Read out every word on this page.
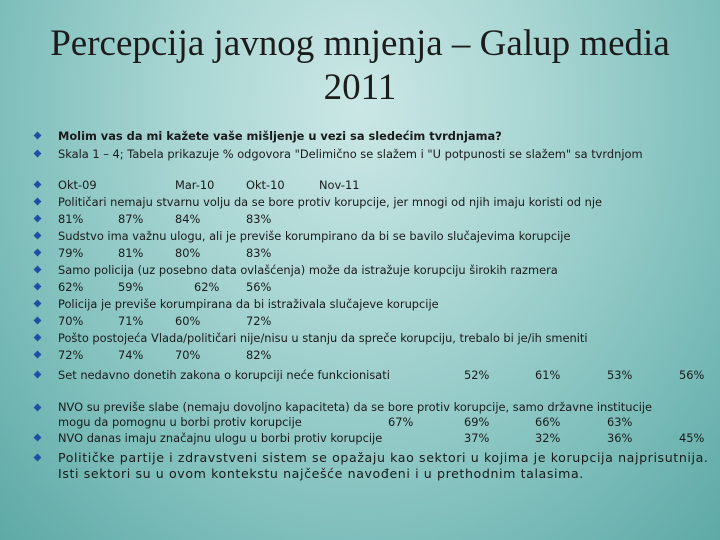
Percepcija javnog mnjenja – Galup media 2011
Molim vas da mi kažete vaše mišljenje u vezi sa sledećim tvrdnjama?
Skala 1 – 4; Tabela prikazuje % odgovora "Delimično se slažem i "U potpunosti se slažem" sa tvrdnjom
Okt-09	Mar-10	Okt-10	Nov-11
Političari nemaju stvarnu volju da se bore protiv korupcije, jer mnogi od njih imaju koristi od nje
81%	87%	84%	83%
Sudstvo ima važnu ulogu, ali je previše korumpirano da bi se bavilo slučajevima korupcije
79%	81%	80%	83%
Samo policija (uz posebno data ovlašćenja) može da istražuje korupciju širokih razmera
62%	59%	62% 56%
Policija je previše korumpirana da bi istraživala slučajeve korupcije
70%	71%	60%	72%
Pošto postojeća Vlada/političari nije/nisu u stanju da spreče korupciju, trebalo bi je/ih smeniti
72%	74%	70%	82%
Set nedavno donetih zakona o korupciji neće funkcionisati	52%	61%	53%	56%
NVO su previše slabe (nemaju dovoljno kapaciteta) da se bore protiv korupcije, samo državne institucije
mogu da pomognu u borbi protiv korupcije	67%	69%	66%	63%
NVO danas imaju značajnu ulogu u borbi protiv korupcije	37%	32%	36%	45%
Političke partije i zdravstveni sistem se opažaju kao sektori u kojima je korupcija najprisutnija. Isti sektori su u ovom kontekstu najčešće navođeni i u prethodnim talasima.
